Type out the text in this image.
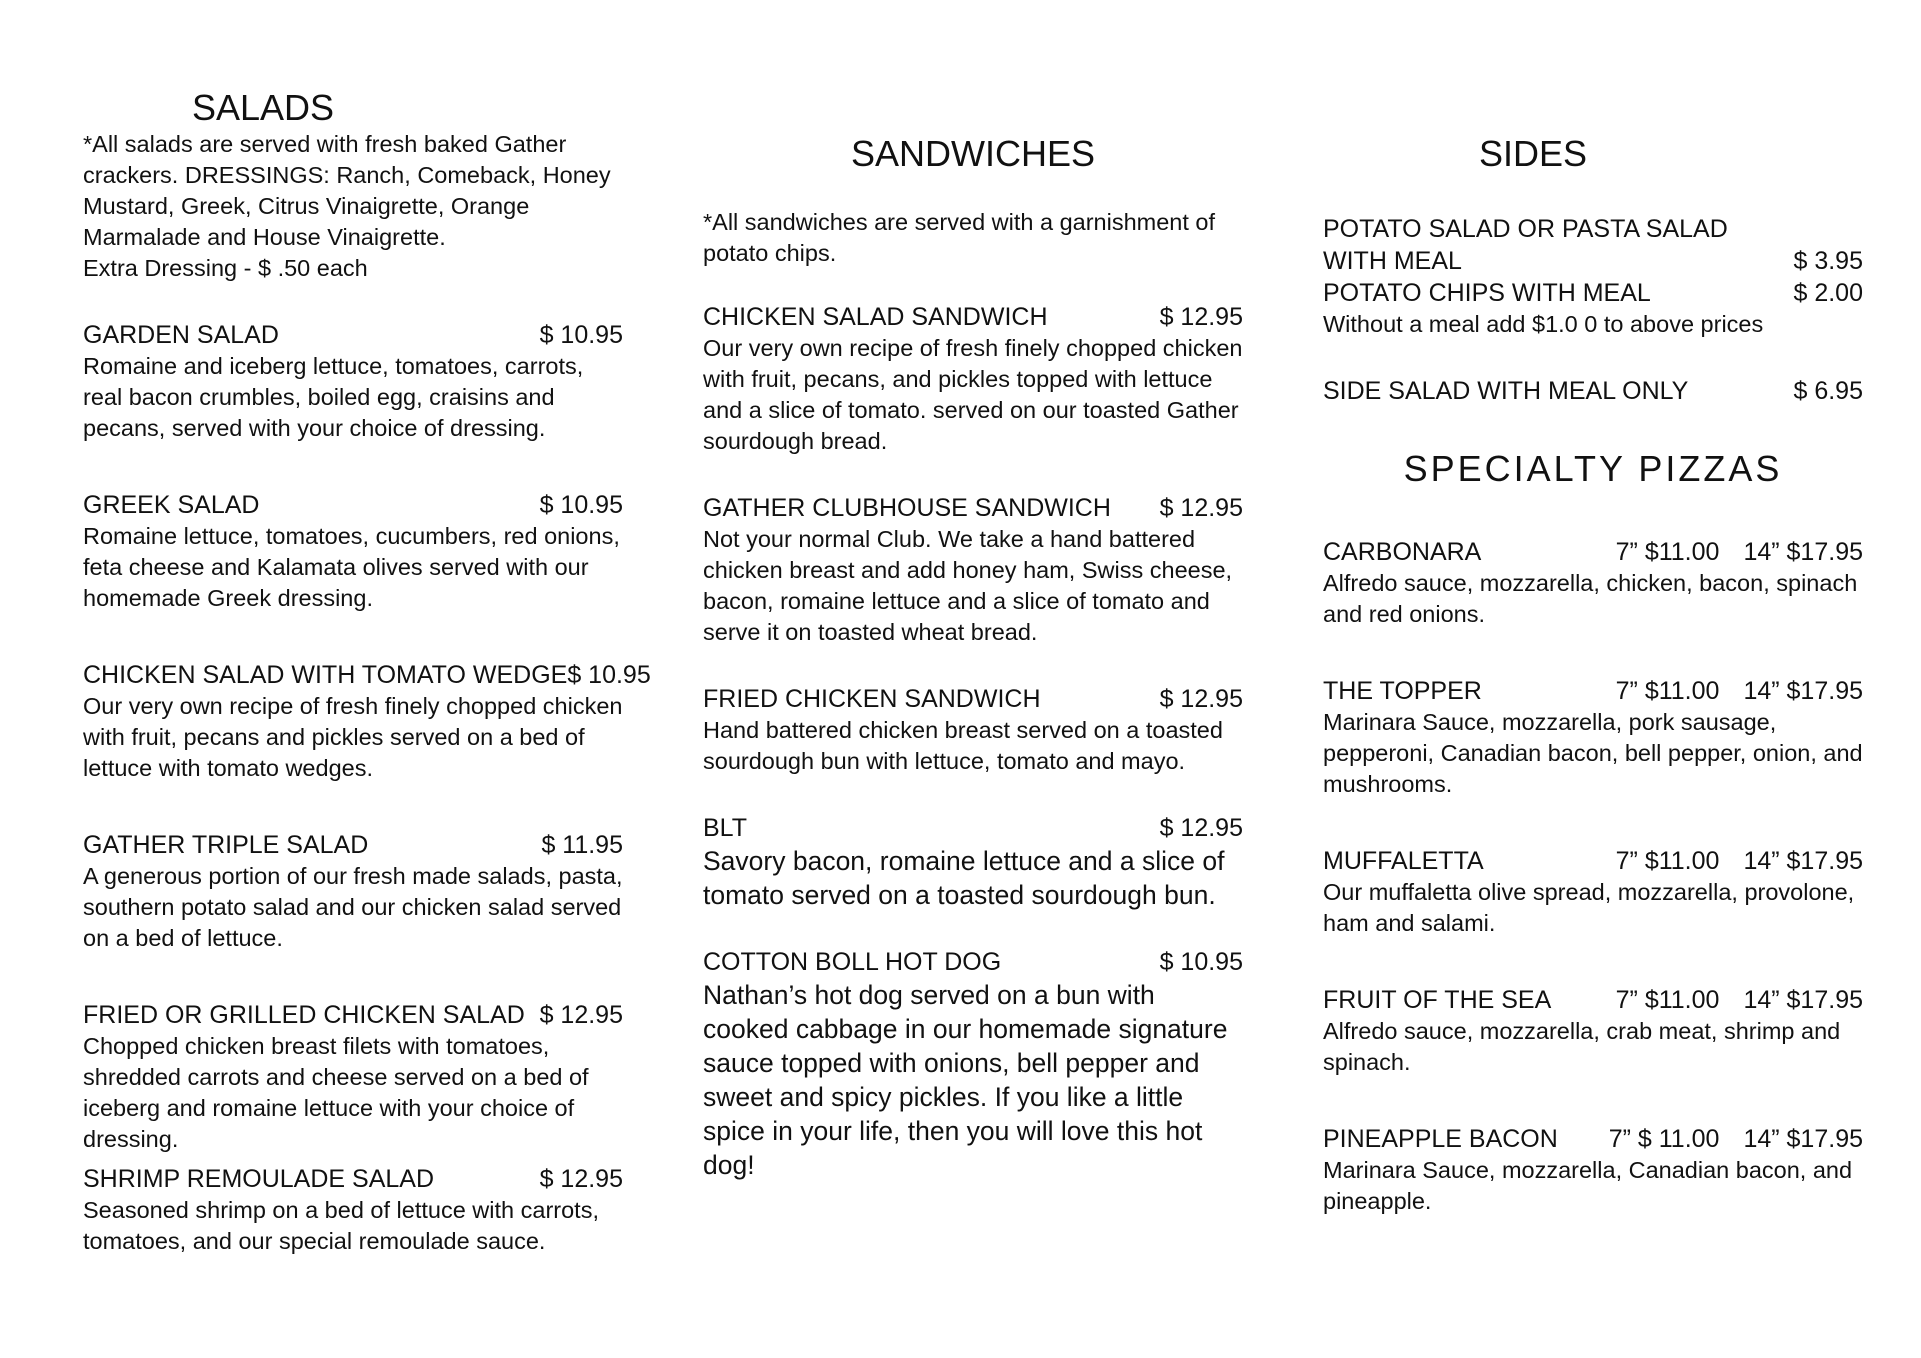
SALADS

*All salads are served with fresh baked Gather crackers. DRESSINGS: Ranch, Comeback, Honey Mustard, Greek, Citrus Vinaigrette, Orange Marmalade and House Vinaigrette.

Extra Dressing - $ .50 each

GARDEN SALAD	$ 10.95

Romaine and iceberg lettuce, tomatoes, carrots, real bacon crumbles, boiled egg, craisins and pecans, served with your choice of dressing.

GREEK SALAD	$ 10.95

Romaine lettuce, tomatoes, cucumbers, red onions, feta cheese and Kalamata olives served with our homemade Greek dressing.

CHICKEN SALAD WITH TOMATO WEDGE $ 10.95

Our very own recipe of fresh finely chopped chicken with fruit, pecans and pickles served on a bed of lettuce with tomato wedges.

GATHER TRIPLE SALAD	$ 11.95

A generous portion of our fresh made salads, pasta, southern potato salad and our chicken salad served on a bed of lettuce.

FRIED OR GRILLED CHICKEN SALAD $ 12.95

Chopped chicken breast filets with tomatoes, shredded carrots and cheese served on a bed of iceberg and romaine lettuce with your choice of dressing.

SHRIMP REMOULADE SALAD	$ 12.95

Seasoned shrimp on a bed of lettuce with carrots, tomatoes, and our special remoulade sauce.

SANDWICHES

*All sandwiches are served with a garnishment of potato chips.

CHICKEN SALAD SANDWICH	$ 12.95

Our very own recipe of fresh finely chopped chicken with fruit, pecans, and pickles topped with lettuce and a slice of tomato. served on our toasted Gather sourdough bread.

GATHER CLUBHOUSE SANDWICH $ 12.95

Not your normal Club. We take a hand battered chicken breast and add honey ham, Swiss cheese, bacon, romaine lettuce and a slice of tomato and serve it on toasted wheat bread.

FRIED CHICKEN SANDWICH	$ 12.95

Hand battered chicken breast served on a toasted sourdough bun with lettuce, tomato and mayo.

BLT	$ 12.95

Savory bacon, romaine lettuce and a slice of tomato served on a toasted sourdough bun.

COTTON BOLL HOT DOG	$ 10.95

Nathan’s hot dog served on a bun with cooked cabbage in our homemade signature sauce topped with onions, bell pepper and sweet and spicy pickles. If you like a little spice in your life, then you will love this hot dog!

SIDES
POTATO SALAD OR PASTA SALAD
WITH MEAL	$ 3.95
POTATO CHIPS WITH MEAL	$ 2.00

Without a meal add $1.0 0 to above prices

SIDE SALAD WITH MEAL ONLY	$ 6.95
SPECIALTY PIZZAS
CARBONARA	7” $11.00 14” $17.95

Alfredo sauce, mozzarella, chicken, bacon, spinach and red onions.

THE TOPPER	7” $11.00 14” $17.95

Marinara Sauce, mozzarella, pork sausage, pepperoni, Canadian bacon, bell pepper, onion, and mushrooms.

MUFFALETTA	7” $11.00 14” $17.95

Our muffaletta olive spread, mozzarella, provolone, ham and salami.

FRUIT OF THE SEA	7” $11.00 14” $17.95

Alfredo sauce, mozzarella, crab meat, shrimp and spinach.

PINEAPPLE BACON 7” $ 11.00 14” $17.95

Marinara Sauce, mozzarella, Canadian bacon, and pineapple.
